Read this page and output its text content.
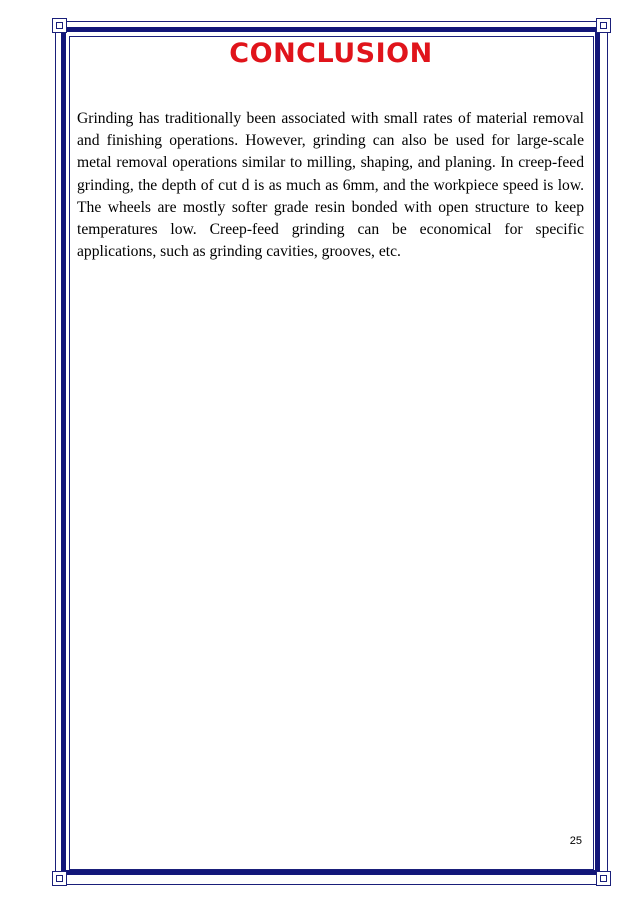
CONCLUSION

Grinding has traditionally been associated with small rates of material removal and finishing operations. However, grinding can also be used for large-scale metal removal operations similar to milling, shaping, and planing. In creep-feed grinding, the depth of cut d is as much as 6mm, and the workpiece speed is low. The wheels are mostly softer grade resin bonded with open structure to keep temperatures low. Creep-feed grinding can be economical for specific applications, such as grinding cavities, grooves, etc.

25
